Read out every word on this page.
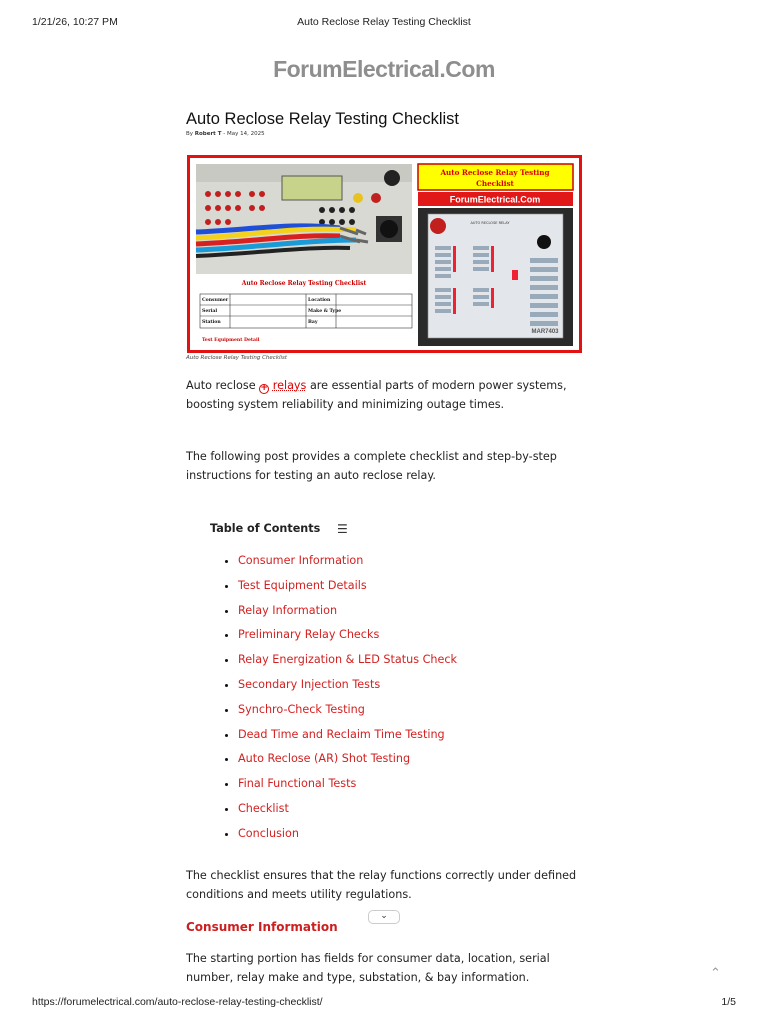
1/21/26, 10:27 PM	Auto Reclose Relay Testing Checklist
ForumElectrical.Com
Auto Reclose Relay Testing Checklist
By Robert T - May 14, 2025
Auto Reclose Relay Testing Checklist
Consumer	Location
Serial	Make & Type
Station	Bay
Test Equipment Detail
Auto Reclose Relay Testing
Checklist
ForumElectrical.Com
AUTO RECLOSE RELAY
MAR7403
Auto Reclose Relay Testing Checklist

Auto reclose + relays are essential parts of modern power systems, boosting system reliability and minimizing outage times.

The following post provides a complete checklist and step-by-step instructions for testing an auto reclose relay.

Table of Contents ☰
• Consumer Information
• Test Equipment Details
• Relay Information
• Preliminary Relay Checks
• Relay Energization & LED Status Check
• Secondary Injection Tests
• Synchro-Check Testing
• Dead Time and Reclaim Time Testing
• Auto Reclose (AR) Shot Testing
• Final Functional Tests
• Checklist
• Conclusion

The checklist ensures that the relay functions correctly under defined conditions and meets utility regulations.

Consumer Information
⌄

The starting portion has fields for consumer data, location, serial number, relay make and type, substation, & bay information.	⌃
https://forumelectrical.com/auto-reclose-relay-testing-checklist/	1/5
